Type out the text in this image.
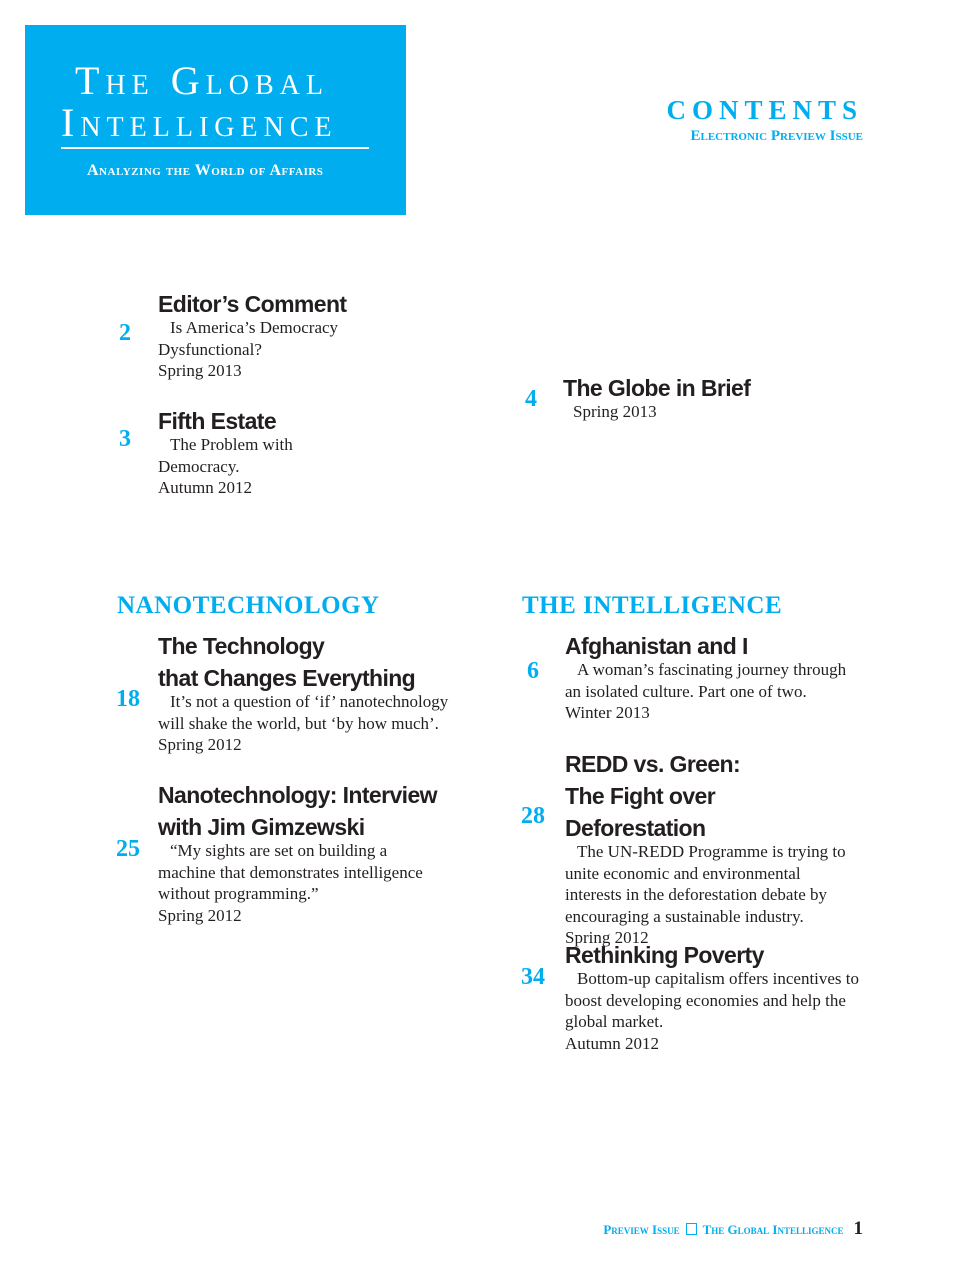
The Global
Intelligence
Analyzing the World of Affairs
contents
Electronic Preview Issue
2
Editor’s Comment
Is America’s Democracy Dysfunctional?
Spring 2013
3
Fifth Estate
The Problem with Democracy.
Autumn 2012
4 The Globe in Brief
Spring 2013
NANOTECHNOLOGY
18
The Technology
that Changes Everything
It’s not a question of ‘if’ nanotechnology will shake the world, but ‘by how much’.
Spring 2012
25
Nanotechnology: Interview
with Jim Gimzewski
“My sights are set on building a machine that demonstrates intelligence without programming.”
Spring 2012
THE INTELLIGENCE
6
Afghanistan and I
A woman’s fascinating journey through an isolated culture. Part one of two.
Winter 2013
28
REDD vs. Green:
The Fight over Deforestation
The UN-REDD Programme is trying to unite economic and environmental interests in the deforestation debate by encouraging a sustainable industry.
Spring 2012
34
Rethinking Poverty
Bottom-up capitalism offers incentives to boost developing economies and help the global market.
Autumn 2012
Preview Issue The Global Intelligence 1
